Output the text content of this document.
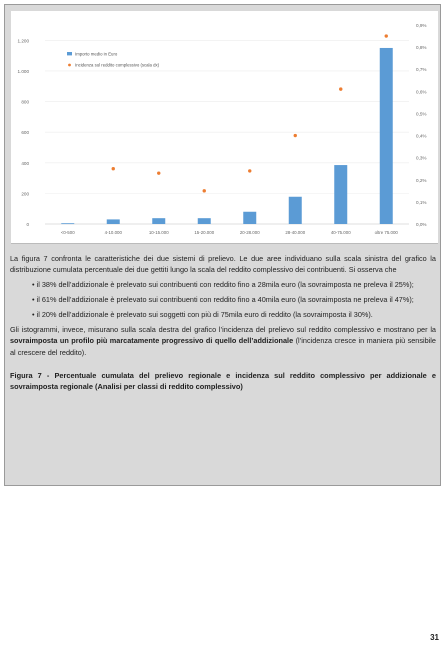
0
200
400
600
800
1.000
1.200
0,0%
0,1%
0,2%
0,3%
0,4%
0,5%
0,6%
0,7%
0,8%
0,9%
<0-500	4-10.000	10-15.000	15-20.000	20-28.000	28-40.000	40-75.000	oltre 75.000
Importo medio in Euro
Incidenza sul reddito complessivo (scala dx)

La figura 7 confronta le caratteristiche dei due sistemi di prelievo. Le due aree individuano sulla scala sinistra del grafico la distribuzione cumulata percentuale dei due gettiti lungo la scala del reddito complessivo dei contribuenti. Si osserva che

• il 38% dell’addizionale è prelevato sui contribuenti con reddito fino a 28mila euro (la sovraimposta ne preleva il 25%);

• il 61% dell’addizionale è prelevato sui contribuenti con reddito fino a 40mila euro (la sovraimposta ne preleva il 47%);

• il 20% dell’addizionale è prelevato sui soggetti con più di 75mila euro di reddito (la sovraimposta il 30%).

Gli istogrammi, invece, misurano sulla scala destra del grafico l’incidenza del prelievo sul reddito complessivo e mostrano per la sovraimposta un profilo più marcatamente progressivo di quello dell’addizionale (l’incidenza cresce in maniera più sensibile al crescere del reddito).

Figura 7 - Percentuale cumulata del prelievo regionale e incidenza sul reddito complessivo per addizionale e sovraimposta regionale (Analisi per classi di reddito complessivo)

31
